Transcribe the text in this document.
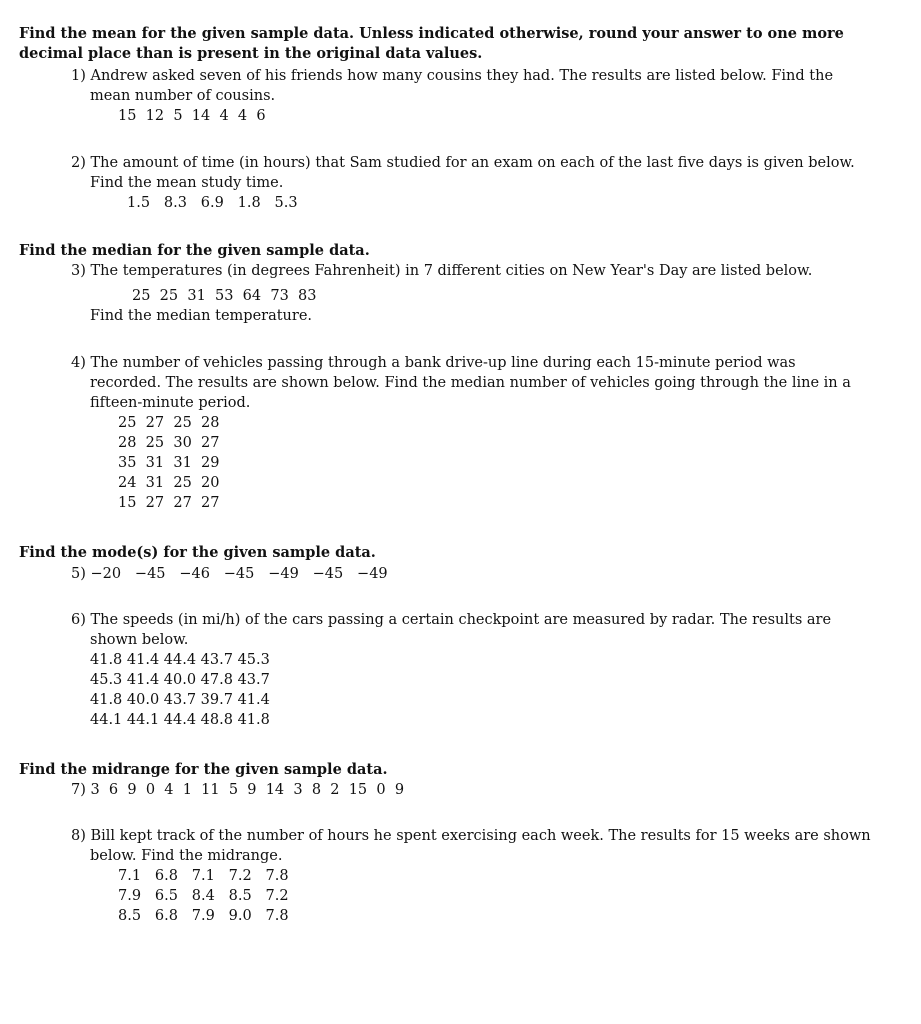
Find the mean for the given sample data. Unless indicated otherwise, round your answer to one more decimal place than is present in the original data values.
1) Andrew asked seven of his friends how many cousins they had. The results are listed below. Find the mean number of cousins.
15  12  5  14  4  4  6
2) The amount of time (in hours) that Sam studied for an exam on each of the last five days is given below. Find the mean study time.
1.5   8.3   6.9   1.8   5.3
Find the median for the given sample data.
3) The temperatures (in degrees Fahrenheit) in 7 different cities on New Year's Day are listed below.
25  25  31  53  64  73  83
Find the median temperature.
4) The number of vehicles passing through a bank drive-up line during each 15-minute period was recorded. The results are shown below. Find the median number of vehicles going through the line in a fifteen-minute period.
25  27  25  28
28  25  30  27
35  31  31  29
24  31  25  20
15  27  27  27
Find the mode(s) for the given sample data.
5) −20   −45   −46   −45   −49   −45   −49
6) The speeds (in mi/h) of the cars passing a certain checkpoint are measured by radar. The results are shown below.
41.8 41.4 44.4 43.7 45.3
45.3 41.4 40.0 47.8 43.7
41.8 40.0 43.7 39.7 41.4
44.1 44.1 44.4 48.8 41.8
Find the midrange for the given sample data.
7) 3  6  9  0  4  1  11  5  9  14  3  8  2  15  0  9
8) Bill kept track of the number of hours he spent exercising each week. The results for 15 weeks are shown below. Find the midrange.
7.1   6.8   7.1   7.2   7.8
7.9   6.5   8.4   8.5   7.2
8.5   6.8   7.9   9.0   7.8
